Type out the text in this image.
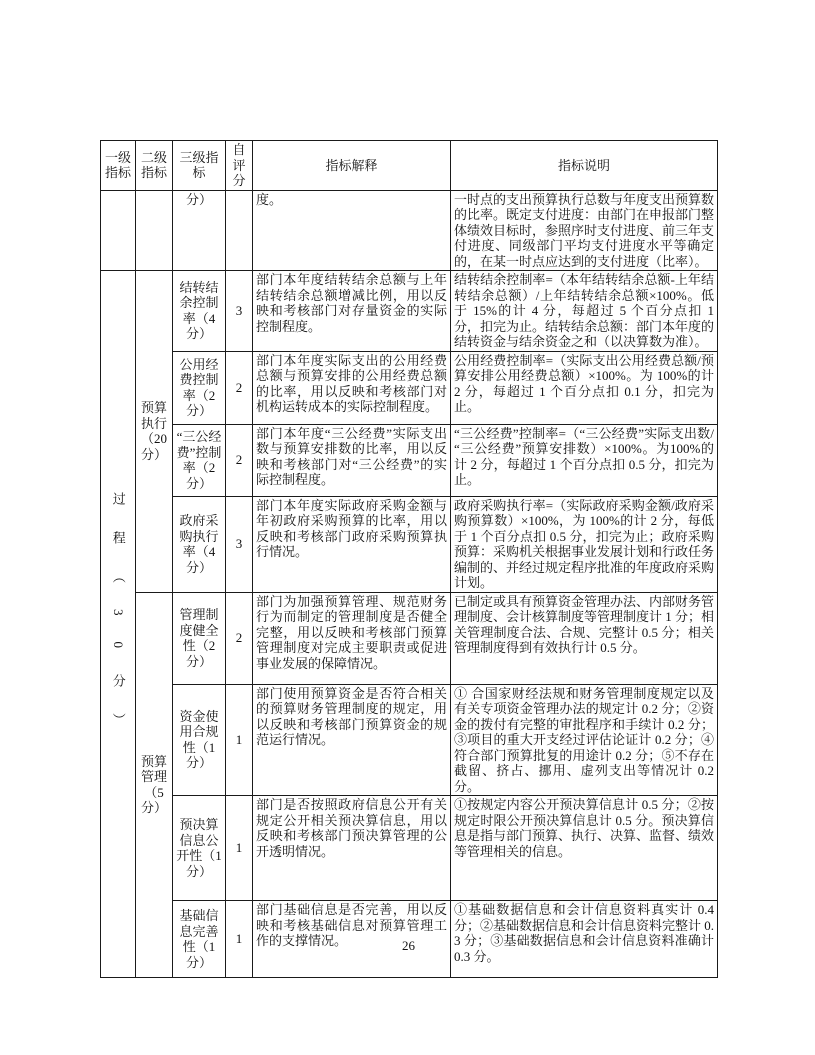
一级指标	二级指标	三级指标	自评分	指标解释	指标说明
		分）		度。	一时点的支出预算执行总数与年度支出预算数的比率。既定支付进度：由部门在申报部门整体绩效目标时，参照序时支付进度、前三年支付进度、同级部门平均支付进度水平等确定的，在某一时点应达到的支付进度（比率）。
过程（30分）	预算执行（20分）	结转结余控制率（4分）	3	部门本年度结转结余总额与上年结转结余总额增减比例，用以反映和考核部门对存量资金的实际控制程度。	结转结余控制率=（本年结转结余总额-上年结转结余总额）/上年结转结余总额×100%。低于 15%的计 4 分，每超过 5 个百分点扣 1 分，扣完为止。结转结余总额：部门本年度的结转资金与结余资金之和（以决算数为准）。
		公用经费控制率（2分）	2	部门本年度实际支出的公用经费总额与预算安排的公用经费总额的比率，用以反映和考核部门对机构运转成本的实际控制程度。	公用经费控制率=（实际支出公用经费总额/预算安排公用经费总额）×100%。为 100%的计 2 分，每超过 1 个百分点扣 0.1 分，扣完为止。
		“三公经费”控制率（2分）	2	部门本年度“三公经费”实际支出数与预算安排数的比率，用以反映和考核部门对“三公经费”的实际控制程度。	“三公经费”控制率=（“三公经费”实际支出数/“三公经费”预算安排数）×100%。为100%的计 2 分，每超过 1 个百分点扣 0.5 分，扣完为止。
		政府采购执行率（4分）	3	部门本年度实际政府采购金额与年初政府采购预算的比率，用以反映和考核部门政府采购预算执行情况。	政府采购执行率=（实际政府采购金额/政府采购预算数）×100%，为 100%的计 2 分，每低于 1 个百分点扣 0.5 分，扣完为止；政府采购预算：采购机关根据事业发展计划和行政任务编制的、并经过规定程序批准的年度政府采购计划。
	预算管理（5分）	管理制度健全性（2分）	2	部门为加强预算管理、规范财务行为而制定的管理制度是否健全完整，用以反映和考核部门预算管理制度对完成主要职责或促进事业发展的保障情况。	已制定或具有预算资金管理办法、内部财务管理制度、会计核算制度等管理制度计 1 分；相关管理制度合法、合规、完整计 0.5 分；相关管理制度得到有效执行计 0.5 分。
		资金使用合规性（1分）	1	部门使用预算资金是否符合相关的预算财务管理制度的规定，用以反映和考核部门预算资金的规范运行情况。	① 合国家财经法规和财务管理制度规定以及有关专项资金管理办法的规定计 0.2 分；②资金的拨付有完整的审批程序和手续计 0.2 分；③项目的重大开支经过评估论证计 0.2 分；④符合部门预算批复的用途计 0.2 分；⑤不存在截留、挤占、挪用、虚列支出等情况计 0.2 分。
		预决算信息公开性（1分）	1	部门是否按照政府信息公开有关规定公开相关预决算信息，用以反映和考核部门预决算管理的公开透明情况。	①按规定内容公开预决算信息计 0.5 分；②按规定时限公开预决算信息计 0.5 分。预决算信息是指与部门预算、执行、决算、监督、绩效等管理相关的信息。
		基础信息完善性（1分）	1	部门基础信息是否完善，用以反映和考核基础信息对预算管理工作的支撑情况。	①基础数据信息和会计信息资料真实计 0.4 分；②基础数据信息和会计信息资料完整计 0.3 分；③基础数据信息和会计信息资料准确计 0.3 分。
26
